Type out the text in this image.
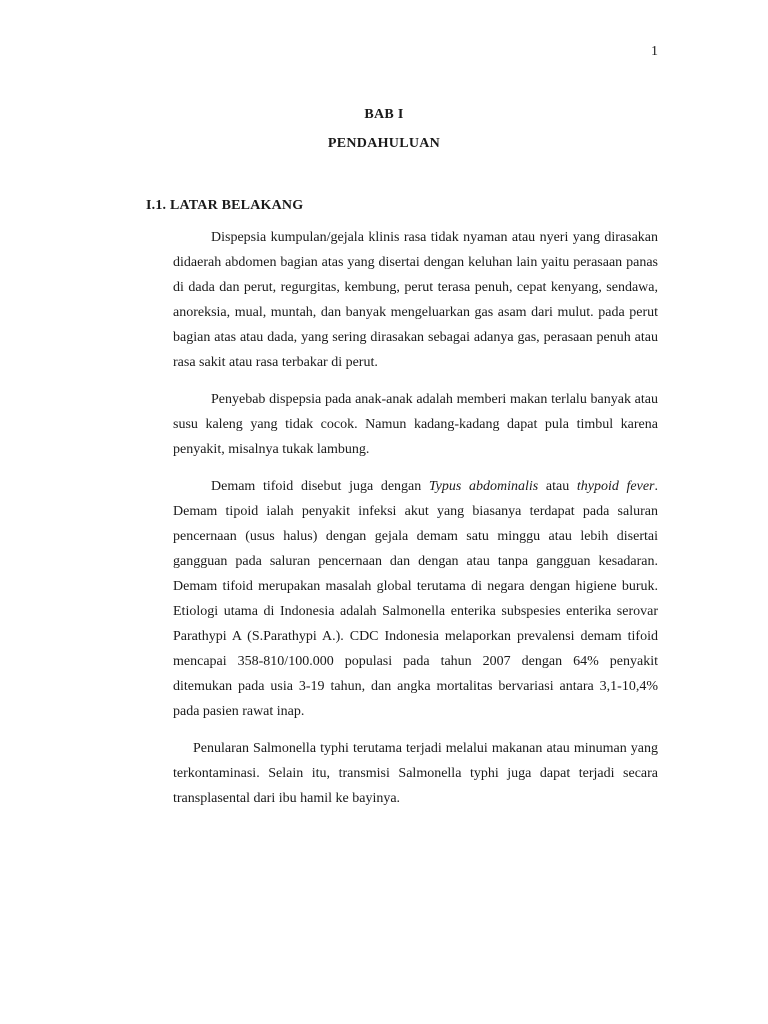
1
BAB I
PENDAHULUAN
I.1. LATAR BELAKANG

Dispepsia kumpulan/gejala klinis rasa tidak nyaman atau nyeri yang dirasakan didaerah abdomen bagian atas yang disertai dengan keluhan lain yaitu perasaan panas di dada dan perut, regurgitas, kembung, perut terasa penuh, cepat kenyang, sendawa, anoreksia, mual, muntah, dan banyak mengeluarkan gas asam dari mulut. pada perut bagian atas atau dada, yang sering dirasakan sebagai adanya gas, perasaan penuh atau rasa sakit atau rasa terbakar di perut.

Penyebab dispepsia pada anak-anak adalah memberi makan terlalu banyak atau susu kaleng yang tidak cocok. Namun kadang-kadang dapat pula timbul karena penyakit, misalnya tukak lambung.

Demam tifoid disebut juga dengan Typus abdominalis atau thypoid fever. Demam tipoid ialah penyakit infeksi akut yang biasanya terdapat pada saluran pencernaan (usus halus) dengan gejala demam satu minggu atau lebih disertai gangguan pada saluran pencernaan dan dengan atau tanpa gangguan kesadaran. Demam tifoid merupakan masalah global terutama di negara dengan higiene buruk. Etiologi utama di Indonesia adalah Salmonella enterika subspesies enterika serovar Parathypi A (S.Parathypi A.). CDC Indonesia melaporkan prevalensi demam tifoid mencapai 358-810/100.000 populasi pada tahun 2007 dengan 64% penyakit ditemukan pada usia 3-19 tahun, dan angka mortalitas bervariasi antara 3,1-10,4% pada pasien rawat inap.

Penularan Salmonella typhi terutama terjadi melalui makanan atau minuman yang terkontaminasi. Selain itu, transmisi Salmonella typhi juga dapat terjadi secara transplasental dari ibu hamil ke bayinya.
